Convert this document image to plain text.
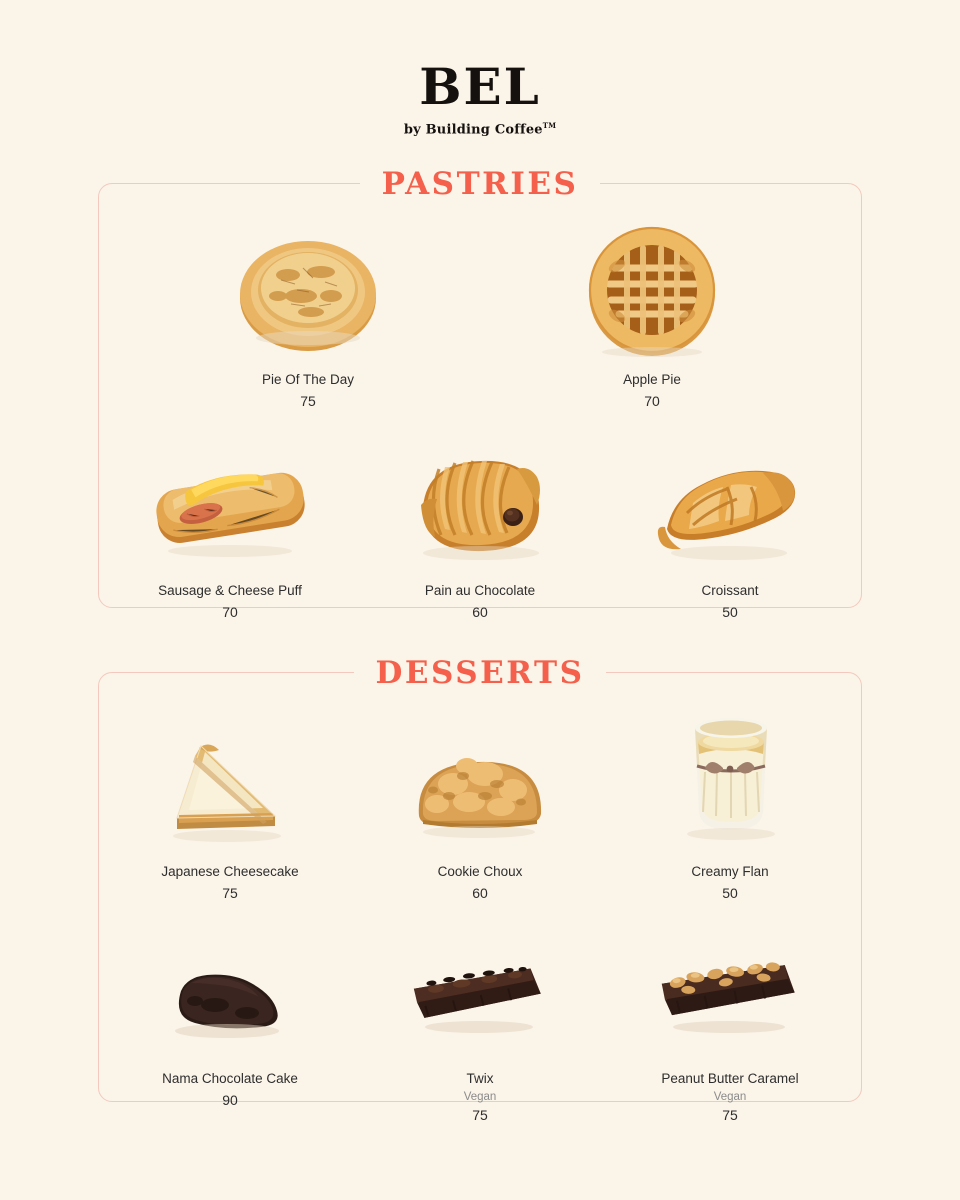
BEL
by Building Coffee™
PASTRIES
Pie Of The Day
75
Apple Pie
70
Sausage & Cheese Puff
70
Pain au Chocolate
60
Croissant
50
DESSERTS
Japanese Cheesecake
75
Cookie Choux
60
Creamy Flan
50
Nama Chocolate Cake
90
Twix
Vegan
75
Peanut Butter Caramel
Vegan
75
